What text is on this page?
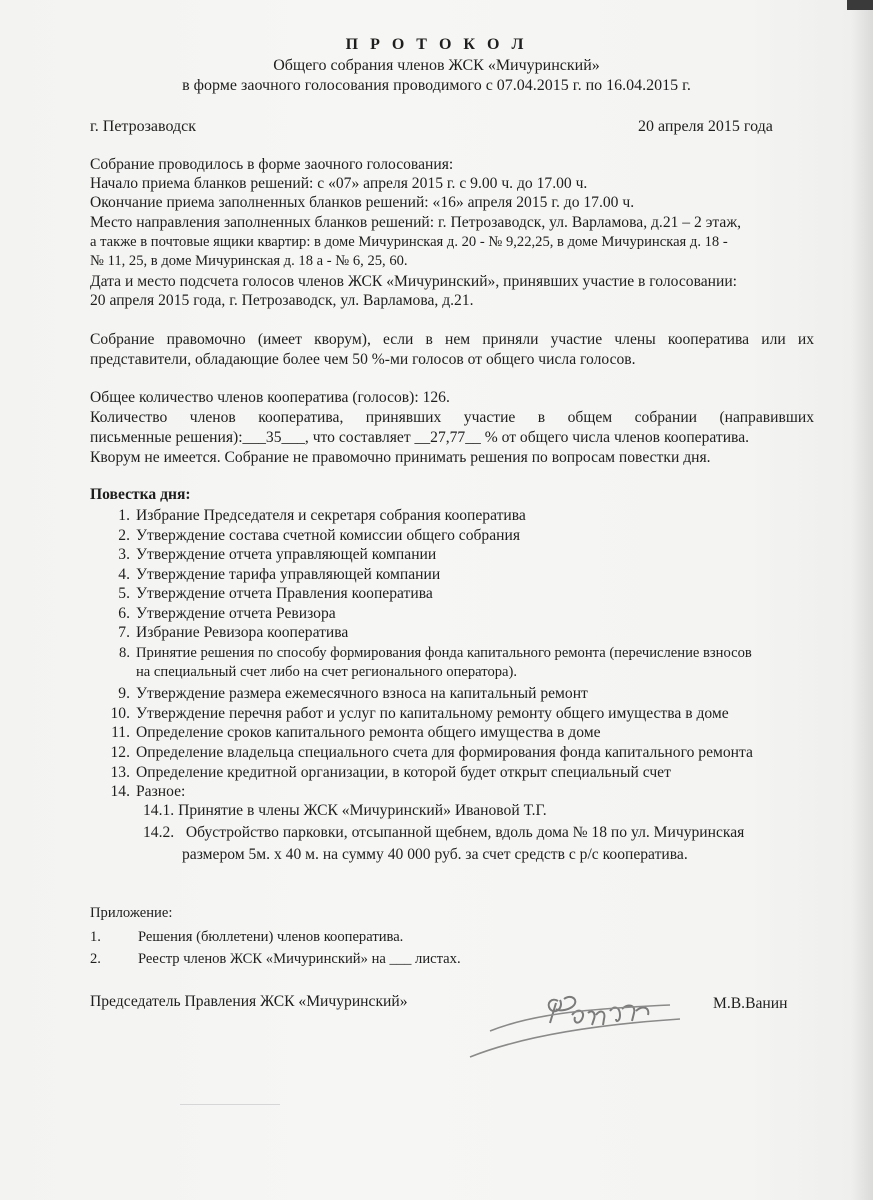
П Р О Т О К О Л
Общего собрания членов ЖСК «Мичуринский»
в форме заочного голосования проводимого с 07.04.2015 г. по 16.04.2015 г.
г. Петрозаводск	20 апреля 2015 года
Собрание проводилось в форме заочного голосования:
Начало приема бланков решений: с «07» апреля 2015 г. с 9.00 ч. до 17.00 ч.
Окончание приема заполненных бланков решений: «16» апреля 2015 г. до 17.00 ч.
Место направления заполненных бланков решений: г. Петрозаводск, ул. Варламова, д.21 – 2 этаж,
а также в почтовые ящики квартир: в доме Мичуринская д. 20 - № 9,22,25, в доме Мичуринская д. 18 -
№ 11, 25, в доме Мичуринская д. 18 а - № 6, 25, 60.
Дата и место подсчета голосов членов ЖСК «Мичуринский», принявших участие в голосовании:
20 апреля 2015 года, г. Петрозаводск, ул. Варламова, д.21.
Собрание правомочно (имеет кворум), если в нем приняли участие члены кооператива или их
представители, обладающие более чем 50 %-ми голосов от общего числа голосов.
Общее количество членов кооператива (голосов): 126.
Количество членов кооператива, принявших участие в общем собрании (направивших
письменные решения):___35___, что составляет __27,77__ % от общего числа членов кооператива.
Кворум не имеется. Собрание не правомочно принимать решения по вопросам повестки дня.
Повестка дня:
1. Избрание Председателя и секретаря собрания кооператива
2. Утверждение состава счетной комиссии общего собрания
3. Утверждение отчета управляющей компании
4. Утверждение тарифа управляющей компании
5. Утверждение отчета Правления кооператива
6. Утверждение отчета Ревизора
7. Избрание Ревизора кооператива
8. Принятие решения по способу формирования фонда капитального ремонта (перечисление взносов
на специальный счет либо на счет регионального оператора).
9. Утверждение размера ежемесячного взноса на капитальный ремонт
10. Утверждение перечня работ и услуг по капитальному ремонту общего имущества в доме
11. Определение сроков капитального ремонта общего имущества в доме
12. Определение владельца специального счета для формирования фонда капитального ремонта
13. Определение кредитной организации, в которой будет открыт специальный счет
14. Разное:
14.1. Принятие в члены ЖСК «Мичуринский» Ивановой Т.Г.
14.2. Обустройство парковки, отсыпанной щебнем, вдоль дома № 18 по ул. Мичуринская
размером 5м. х 40 м. на сумму 40 000 руб. за счет средств с р/с кооператива.
Приложение:
1.	Решения (бюллетени) членов кооператива.
2.	Реестр членов ЖСК «Мичуринский» на ___ листах.
Председатель Правления ЖСК «Мичуринский»	М.В.Ванин
